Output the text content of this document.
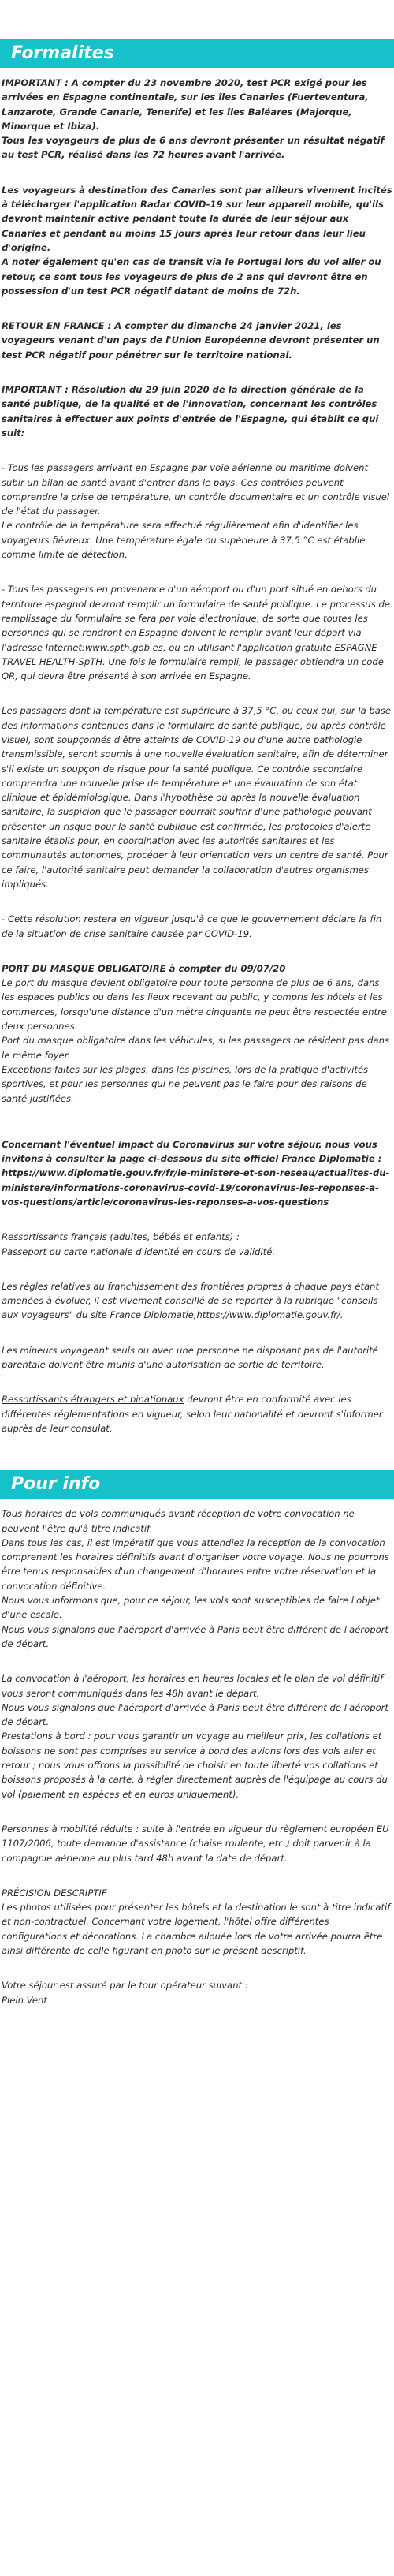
Formalites

IMPORTANT : A compter du 23 novembre 2020, test PCR exigé pour les arrivées en Espagne continentale, sur les îles Canaries (Fuerteventura, Lanzarote, Grande Canarie, Tenerife) et les îles Baléares (Majorque, Minorque et Ibiza).
Tous les voyageurs de plus de 6 ans devront présenter un résultat négatif au test PCR, réalisé dans les 72 heures avant l'arrivée.

Les voyageurs à destination des Canaries sont par ailleurs vivement incités à télécharger l'application Radar COVID-19 sur leur appareil mobile, qu'ils devront maintenir active pendant toute la durée de leur séjour aux Canaries et pendant au moins 15 jours après leur retour dans leur lieu d'origine.
A noter également qu'en cas de transit via le Portugal lors du vol aller ou retour, ce sont tous les voyageurs de plus de 2 ans qui devront être en possession d'un test PCR négatif datant de moins de 72h.

RETOUR EN FRANCE : A compter du dimanche 24 janvier 2021, les voyageurs venant d'un pays de l'Union Européenne devront présenter un test PCR négatif pour pénétrer sur le territoire national.

IMPORTANT : Résolution du 29 juin 2020 de la direction générale de la santé publique, de la qualité et de l'innovation, concernant les contrôles sanitaires à effectuer aux points d'entrée de l'Espagne, qui établit ce qui suit:

- Tous les passagers arrivant en Espagne par voie aérienne ou maritime doivent subir un bilan de santé avant d'entrer dans le pays. Ces contrôles peuvent comprendre la prise de température, un contrôle documentaire et un contrôle visuel de l'état du passager.
Le contrôle de la température sera effectué régulièrement afin d'identifier les voyageurs fiévreux. Une température égale ou supérieure à 37,5 °C est établie comme limite de détection.

- Tous les passagers en provenance d'un aéroport ou d'un port situé en dehors du territoire espagnol devront remplir un formulaire de santé publique. Le processus de remplissage du formulaire se fera par voie électronique, de sorte que toutes les personnes qui se rendront en Espagne doivent le remplir avant leur départ via l'adresse Internet:www.spth.gob.es, ou en utilisant l'application gratuite ESPAGNE TRAVEL HEALTH-SpTH. Une fois le formulaire rempli, le passager obtiendra un code QR, qui devra être présenté à son arrivée en Espagne.

Les passagers dont la température est supérieure à 37,5 °C, ou ceux qui, sur la base des informations contenues dans le formulaire de santé publique, ou après contrôle visuel, sont soupçonnés d'être atteints de COVID-19 ou d'une autre pathologie transmissible, seront soumis à une nouvelle évaluation sanitaire, afin de déterminer s'il existe un soupçon de risque pour la santé publique. Ce contrôle secondaire comprendra une nouvelle prise de température et une évaluation de son état clinique et épidémiologique. Dans l'hypothèse où après la nouvelle évaluation sanitaire, la suspicion que le passager pourrait souffrir d'une pathologie pouvant présenter un risque pour la santé publique est confirmée, les protocoles d'alerte sanitaire établis pour, en coordination avec les autorités sanitaires et les communautés autonomes, procéder à leur orientation vers un centre de santé. Pour ce faire, l'autorité sanitaire peut demander la collaboration d'autres organismes impliqués.

- Cette résolution restera en vigueur jusqu'à ce que le gouvernement déclare la fin de la situation de crise sanitaire causée par COVID-19.

PORT DU MASQUE OBLIGATOIRE à compter du 09/07/20
Le port du masque devient obligatoire pour toute personne de plus de 6 ans, dans les espaces publics ou dans les lieux recevant du public, y compris les hôtels et les commerces, lorsqu'une distance d'un mètre cinquante ne peut être respectée entre deux personnes.
Port du masque obligatoire dans les véhicules, si les passagers ne résident pas dans le même foyer.
Exceptions faites sur les plages, dans les piscines, lors de la pratique d'activités sportives, et pour les personnes qui ne peuvent pas le faire pour des raisons de santé justifiées.

Concernant l'éventuel impact du Coronavirus sur votre séjour, nous vous invitons à consulter la page ci-dessous du site officiel France Diplomatie : https://www.diplomatie.gouv.fr/fr/le-ministere-et-son-reseau/actualites-du-ministere/informations-coronavirus-covid-19/coronavirus-les-reponses-a-vos-questions/article/coronavirus-les-reponses-a-vos-questions

Ressortissants français (adultes, bébés et enfants) :
Passeport ou carte nationale d'identité en cours de validité.

Les règles relatives au franchissement des frontières propres à chaque pays étant amenées à évoluer, il est vivement conseillé de se reporter à la rubrique "conseils aux voyageurs" du site France Diplomatie,https://www.diplomatie.gouv.fr/.

Les mineurs voyageant seuls ou avec une personne ne disposant pas de l'autorité parentale doivent être munis d'une autorisation de sortie de territoire.

Ressortissants étrangers et binationaux devront être en conformité avec les différentes réglementations en vigueur, selon leur nationalité et devront s'informer auprès de leur consulat.

Pour info

Tous horaires de vols communiqués avant réception de votre convocation ne peuvent l'être qu'à titre indicatif.
Dans tous les cas, il est impératif que vous attendiez la réception de la convocation comprenant les horaires définitifs avant d'organiser votre voyage. Nous ne pourrons être tenus responsables d'un changement d'horaires entre votre réservation et la convocation définitive.
Nous vous informons que, pour ce séjour, les vols sont susceptibles de faire l'objet d'une escale.
Nous vous signalons que l'aéroport d'arrivée à Paris peut être différent de l'aéroport de départ.

La convocation à l'aéroport, les horaires en heures locales et le plan de vol définitif vous seront communiqués dans les 48h avant le départ.
Nous vous signalons que l'aéroport d'arrivée à Paris peut être différent de l'aéroport de départ.
Prestations à bord : pour vous garantir un voyage au meilleur prix, les collations et boissons ne sont pas comprises au service à bord des avions lors des vols aller et retour ; nous vous offrons la possibilité de choisir en toute liberté vos collations et boissons proposés à la carte, à régler directement auprès de l'équipage au cours du vol (paiement en espèces et en euros uniquement).

Personnes à mobilité réduite : suite à l'entrée en vigueur du règlement européen EU 1107/2006, toute demande d'assistance (chaise roulante, etc.) doit parvenir à la compagnie aérienne au plus tard 48h avant la date de départ.

PRÉCISION DESCRIPTIF
Les photos utilisées pour présenter les hôtels et la destination le sont à titre indicatif et non-contractuel. Concernant votre logement, l'hôtel offre différentes configurations et décorations. La chambre allouée lors de votre arrivée pourra être ainsi différente de celle figurant en photo sur le présent descriptif.

Votre séjour est assuré par le tour opérateur suivant :
Plein Vent
